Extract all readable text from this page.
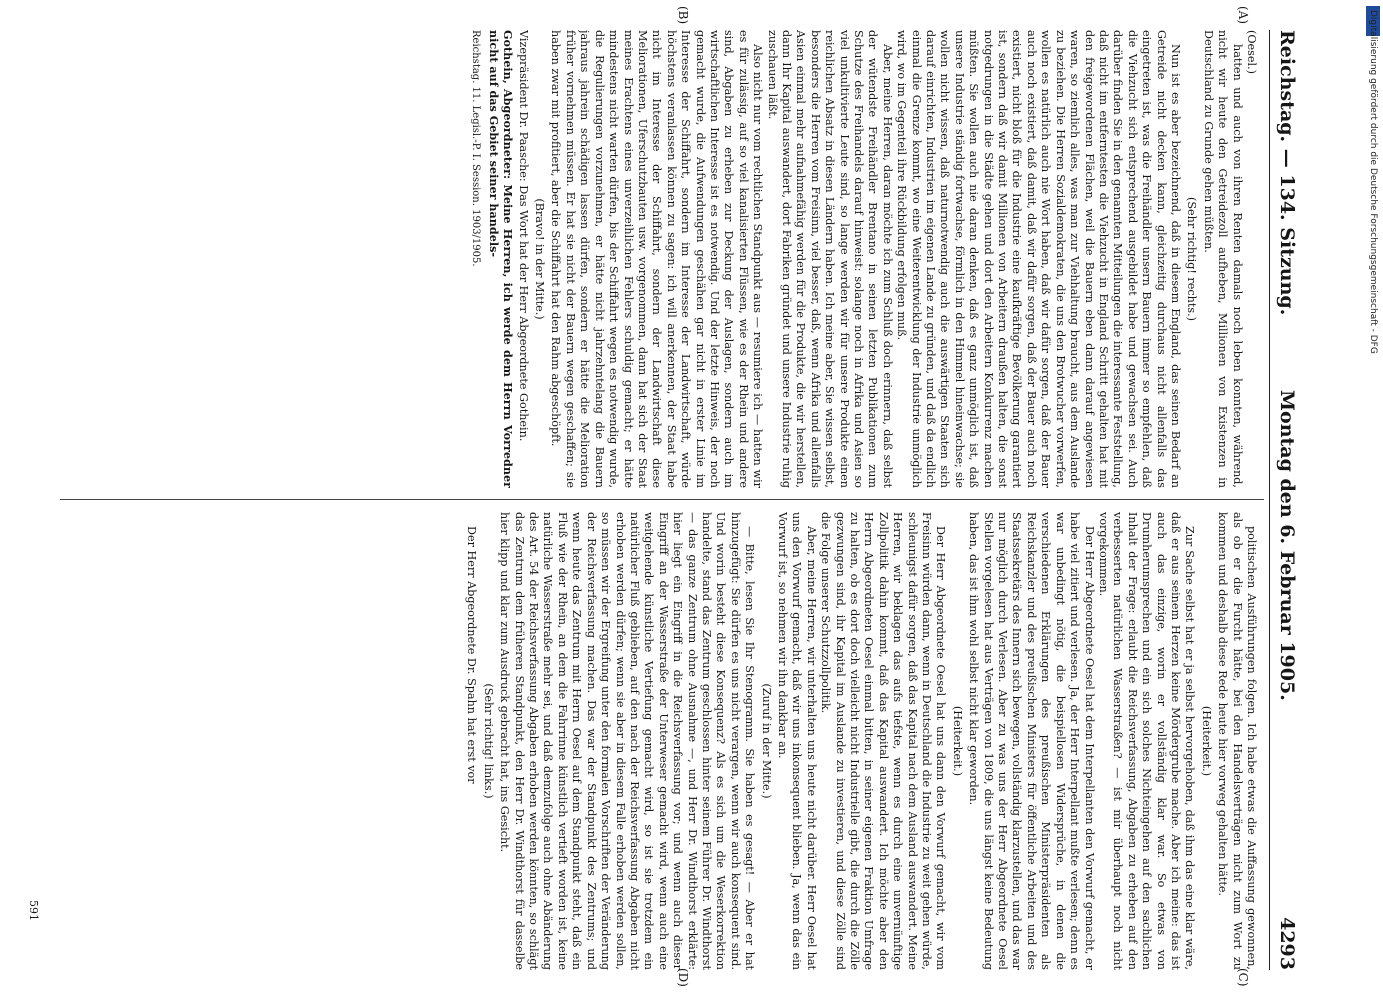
Reichstag. — 134. Sitzung.
Montag den 6. Februar 1905.
4293
(A)
(B)
(C)
(D)

(Oesel.)

hatten und auch von ihren Renten damals noch leben konnten, während, nicht wir heute den Getreidezoll aufheben, Millionen von Existenzen in Deutschland zu Grunde gehen müßten.

(Sehr richtig! rechts.)

Nun ist es aber bezeichnend, daß in diesem England, das seinen Bedarf an Getreide nicht decken kann, gleichzeitig durchaus nicht allenfalls das eingetreten ist, was die Freihändler unsern Bauern immer so empfehlen, daß die Viehzucht sich entsprechend ausgebildet habe und gewachsen sei. Auch darüber finden Sie in den genannten Mitteilungen die interessante Feststellung, daß nicht im entferntesten die Viehzucht in England Schritt gehalten hat mit den freigewordenen Flächen, weil die Bauern eben dann darauf angewiesen waren, so ziemlich alles, was man zur Viehhaltung braucht, aus dem Auslande zu beziehen. Die Herren Sozialdemokraten, die uns den Brotwucher vorwerfen, wollen es natürlich auch nie Wort haben, daß wir dafür sorgen, daß der Bauer auch noch existiert, daß damit, daß wir dafür sorgen, daß der Bauer auch noch existiert, nicht bloß für die Industrie eine kaufkräftige Bevölkerung garantiert ist, sondern daß wir damit Millionen von Arbeitern draußen halten, die sonst notgedrungen in die Städte gehen und dort den Arbeitern Konkurrenz machen müßten. Sie wollen auch nie daran denken, daß es ganz unmöglich ist, daß unsere Industrie ständig fortwachse, förmlich in den Himmel hineinwachse; sie wollen nicht wissen, daß naturnotwendig auch die auswärtigen Staaten sich darauf einrichten, Industrien im eigenen Lande zu gründen, und daß da endlich einmal die Grenze kommt, wo eine Weiterentwicklung der Industrie unmöglich wird, wo im Gegenteil ihre Rückbildung erfolgen muß.

Aber, meine Herren, daran möchte ich zum Schluß doch erinnern, daß selbst der wütendste Freihändler Brentano in seinen letzten Publikationen zum Schutze des Freihandels darauf hinweist: solange noch in Afrika und Asien so viel unkultivierte Leute sind, so lange werden wir für unsere Produkte einen reichlichen Absatz in diesen Ländern haben. Ich meine aber, Sie wissen selbst, besonders die Herren vom Freisinn, viel besser, daß, wenn Afrika und allenfalls Asien einmal mehr aufnahmefähig werden für die Produkte, die wir herstellen, dann Ihr Kapital auswandert, dort Fabriken gründet und unsere Industrie ruhig zuschauen läßt.

Also nicht nur vom rechtlichen Standpunkt aus — resumiere ich — hatten wir es für zulässig, auf so viel kanalisierten Flüssen, wie es der Rhein und andere sind, Abgaben zu erheben zur Deckung der Auslagen, sondern auch im wirtschaftlichen Interesse ist es notwendig. Und der letzte Hinweis, der noch gemacht wurde, die Aufwendungen geschähen gar nicht in erster Linie im Interesse der Schiffahrt, sondern im Interesse der Landwirtschaft, würde höchstens veranlassen können zu sagen: ich will anerkennen, der Staat habe nicht im Interesse der Schiffahrt, sondern der Landwirtschaft diese Meliorationen, Uferschutzbauten usw. vorgenommen, dann hat sich der Staat meines Erachtens eines unverzeihlichen Fehlers schuldig gemacht; er hätte mindestens nicht warten dürfen, bis der Schiffahrt wegen es notwendig wurde, die Regulierungen vorzunehmen, er hätte nicht jahrzehntelang die Bauern jahraus jahrein schädigen lassen dürfen, sondern er hätte die Melioration früher vornehmen müssen. Er hat sie nicht der Bauern wegen geschaffen; sie haben zwar mit profitiert, aber die Schiffahrt hat den Rahm abgeschöpft.

(Bravo! in der Mitte.)

Vizepräsident Dr. Paasche: Das Wort hat der Herr Abgeordnete Gothein.

Gothein, Abgeordneter: Meine Herren, ich werde dem Herrn Vorredner nicht auf das Gebiet seiner handels-

Reichstag. 11. Legisl.-P. I. Session. 1903/1905.

politischen Ausführungen folgen. Ich habe etwas die Auffassung gewonnen, als ob er die Furcht hätte, bei den Handelsverträgen nicht zum Wort zu kommen und deshalb diese Rede heute hier vorweg gehalten hätte.

(Heiterkeit.)

Zur Sache selbst hat er ja selbst hervorgehoben, daß ihm das eine klar wäre, daß er aus seinem Herzen keine Mördergrube mache. Aber ich meine: das ist auch das einzige, worin er vollständig klar war. So etwas von Drumherumsprechen und ein sich solches Nichteingehen auf den sachlichen Inhalt der Frage: erlaubt die Reichsverfassung, Abgaben zu erheben auf den verbesserten natürlichen Wasserstraßen? — ist mir überhaupt noch nicht vorgekommen.

Der Herr Abgeordnete Oesel hat dem Interpellanten den Vorwurf gemacht, er habe viel zitiert und verlesen. Ja, der Herr Interpellant mußte verlesen; denn es war unbedingt nötig, die beispiellosen Widersprüche, in denen die verschiedenen Erklärungen des preußischen Ministerpräsidenten als Reichskanzler und des preußischen Ministers für öffentliche Arbeiten und des Staatssekretärs des Innern sich bewegen, vollständig klarzustellen, und das war nur möglich durch Verlesen. Aber zu was uns der Herr Abgeordnete Oesel Stellen vorgelesen hat aus Verträgen von 1809, die uns längst keine Bedeutung haben, das ist ihm wohl selbst nicht klar geworden.

(Heiterkeit.)

Der Herr Abgeordnete Oesel hat uns dann den Vorwurf gemacht, wir vom Freisinn würden dann, wenn in Deutschland die Industrie zu weit gehen würde, schleunigst dafür sorgen, daß das Kapital nach dem Ausland auswandert. Meine Herren, wir beklagen das aufs tiefste, wenn es durch eine unvernünftige Zollpolitik dahin kommt, daß das Kapital auswandert. Ich möchte aber den Herrn Abgeordneten Oesel einmal bitten, in seiner eigenen Fraktion Umfrage zu halten, ob es dort doch vielleicht nicht Industrielle gibt, die durch die Zölle gezwungen sind, ihr Kapital im Auslande zu investieren, und diese Zölle sind die Folge unserer Schutzzollpolitik.

Aber, meine Herren, wir unterhalten uns heute nicht darüber. Herr Oesel hat uns den Vorwurf gemacht, daß wir uns inkonsequent blieben. Ja, wenn das ein Vorwurf ist, so nehmen wir ihn dankbar an.

(Zuruf in der Mitte.)

— Bitte, lesen Sie Ihr Stenogramm. Sie haben es gesagt! — Aber er hat hinzugefügt: Sie dürfen es uns nicht verargen, wenn wir auch konsequent sind. Und worin besteht diese Konsequenz? Als es sich um die Weserkorrektion handelte, stand das Zentrum geschlossen hinter seinem Führer Dr. Windthorst — das ganze Zentrum ohne Ausnahme —, und Herr Dr. Windthorst erklärte: hier liegt ein Eingriff in die Reichsverfassung vor; und wenn auch dieser Eingriff an der Wasserstraße der Unterweser gemacht wird, wenn auch eine weitgehende künstliche Vertiefung gemacht wird, so ist sie trotzdem ein natürlicher Fluß geblieben, auf den nach der Reichsverfassung Abgaben nicht erhoben werden dürfen; wenn sie aber in diesem Falle erhoben werden sollen, so müssen wir der Ergreifung unter den formalen Vorschriften der Veränderung der Reichsverfassung machen. Das war der Standpunkt des Zentrums; und wenn heute das Zentrum mit Herrn Oesel auf dem Standpunkt steht, daß ein Fluß wie der Rhein, an dem die Fahrrinne künstlich vertieft worden ist, keine natürliche Wasserstraße mehr sei, und daß demzufolge auch ohne Abänderung des Art. 54 der Reichsverfassung Abgaben erhoben werden könnten, so schlägt das Zentrum dem früheren Standpunkt, den Herr Dr. Windthorst für dasselbe hier klipp und klar zum Ausdruck gebracht hat, ins Gesicht.

(Sehr richtig! links.)

Der Herr Abgeordnete Dr. Spahn hat erst vor

591
Digitalisierung gefördert durch die Deutsche Forschungsgemeinschaft - DFG
